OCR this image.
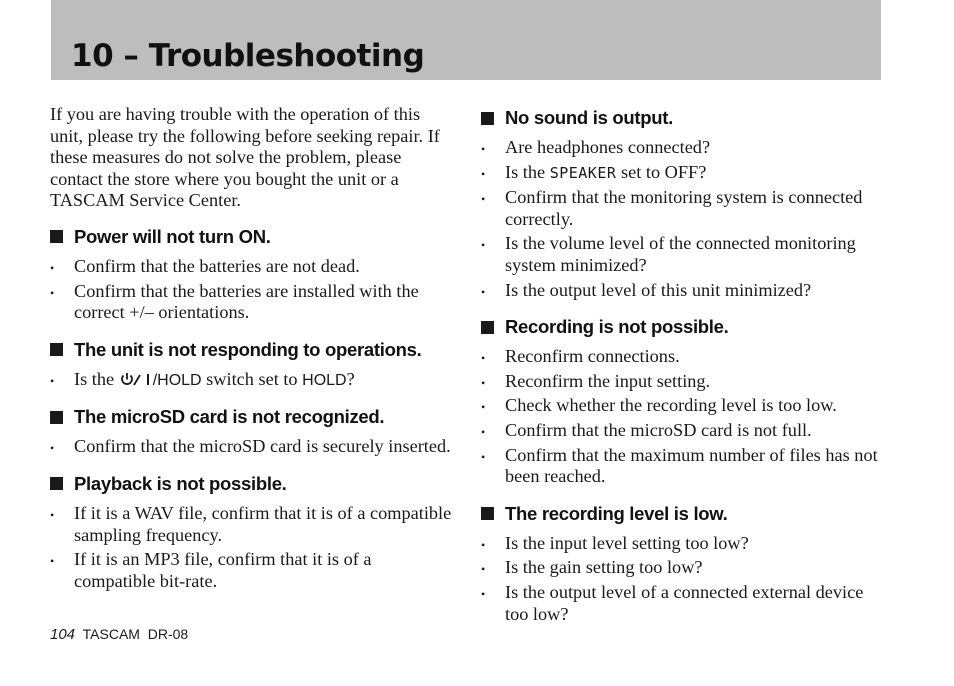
10 – Troubleshooting

If you are having trouble with the operation of this unit, please try the following before seeking repair. If these measures do not solve the problem, please contact the store where you bought the unit or a TASCAM Service Center.

Power will not turn ON.
•	Confirm that the batteries are not dead.
•	Confirm that the batteries are installed with the correct +/– orientations.
The unit is not responding to operations.
•	Is the /HOLD switch set to HOLD?
The microSD card is not recognized.
•	Confirm that the microSD card is securely inserted.
Playback is not possible.
•	If it is a WAV file, confirm that it is of a compatible sampling frequency.
•	If it is an MP3 file, confirm that it is of a compatible bit-rate.
No sound is output.
•	Are headphones connected?
•	Is the SPEAKER set to OFF?
•	Confirm that the monitoring system is connected correctly.
•	Is the volume level of the connected monitoring system minimized?
•	Is the output level of this unit minimized?
Recording is not possible.
•	Reconfirm connections.
•	Reconfirm the input setting.
•	Check whether the recording level is too low.
•	Confirm that the microSD card is not full.
•	Confirm that the maximum number of files has not been reached.
The recording level is low.
•	Is the input level setting too low?
•	Is the gain setting too low?
•	Is the output level of a connected external device too low?
104 TASCAM DR-08
